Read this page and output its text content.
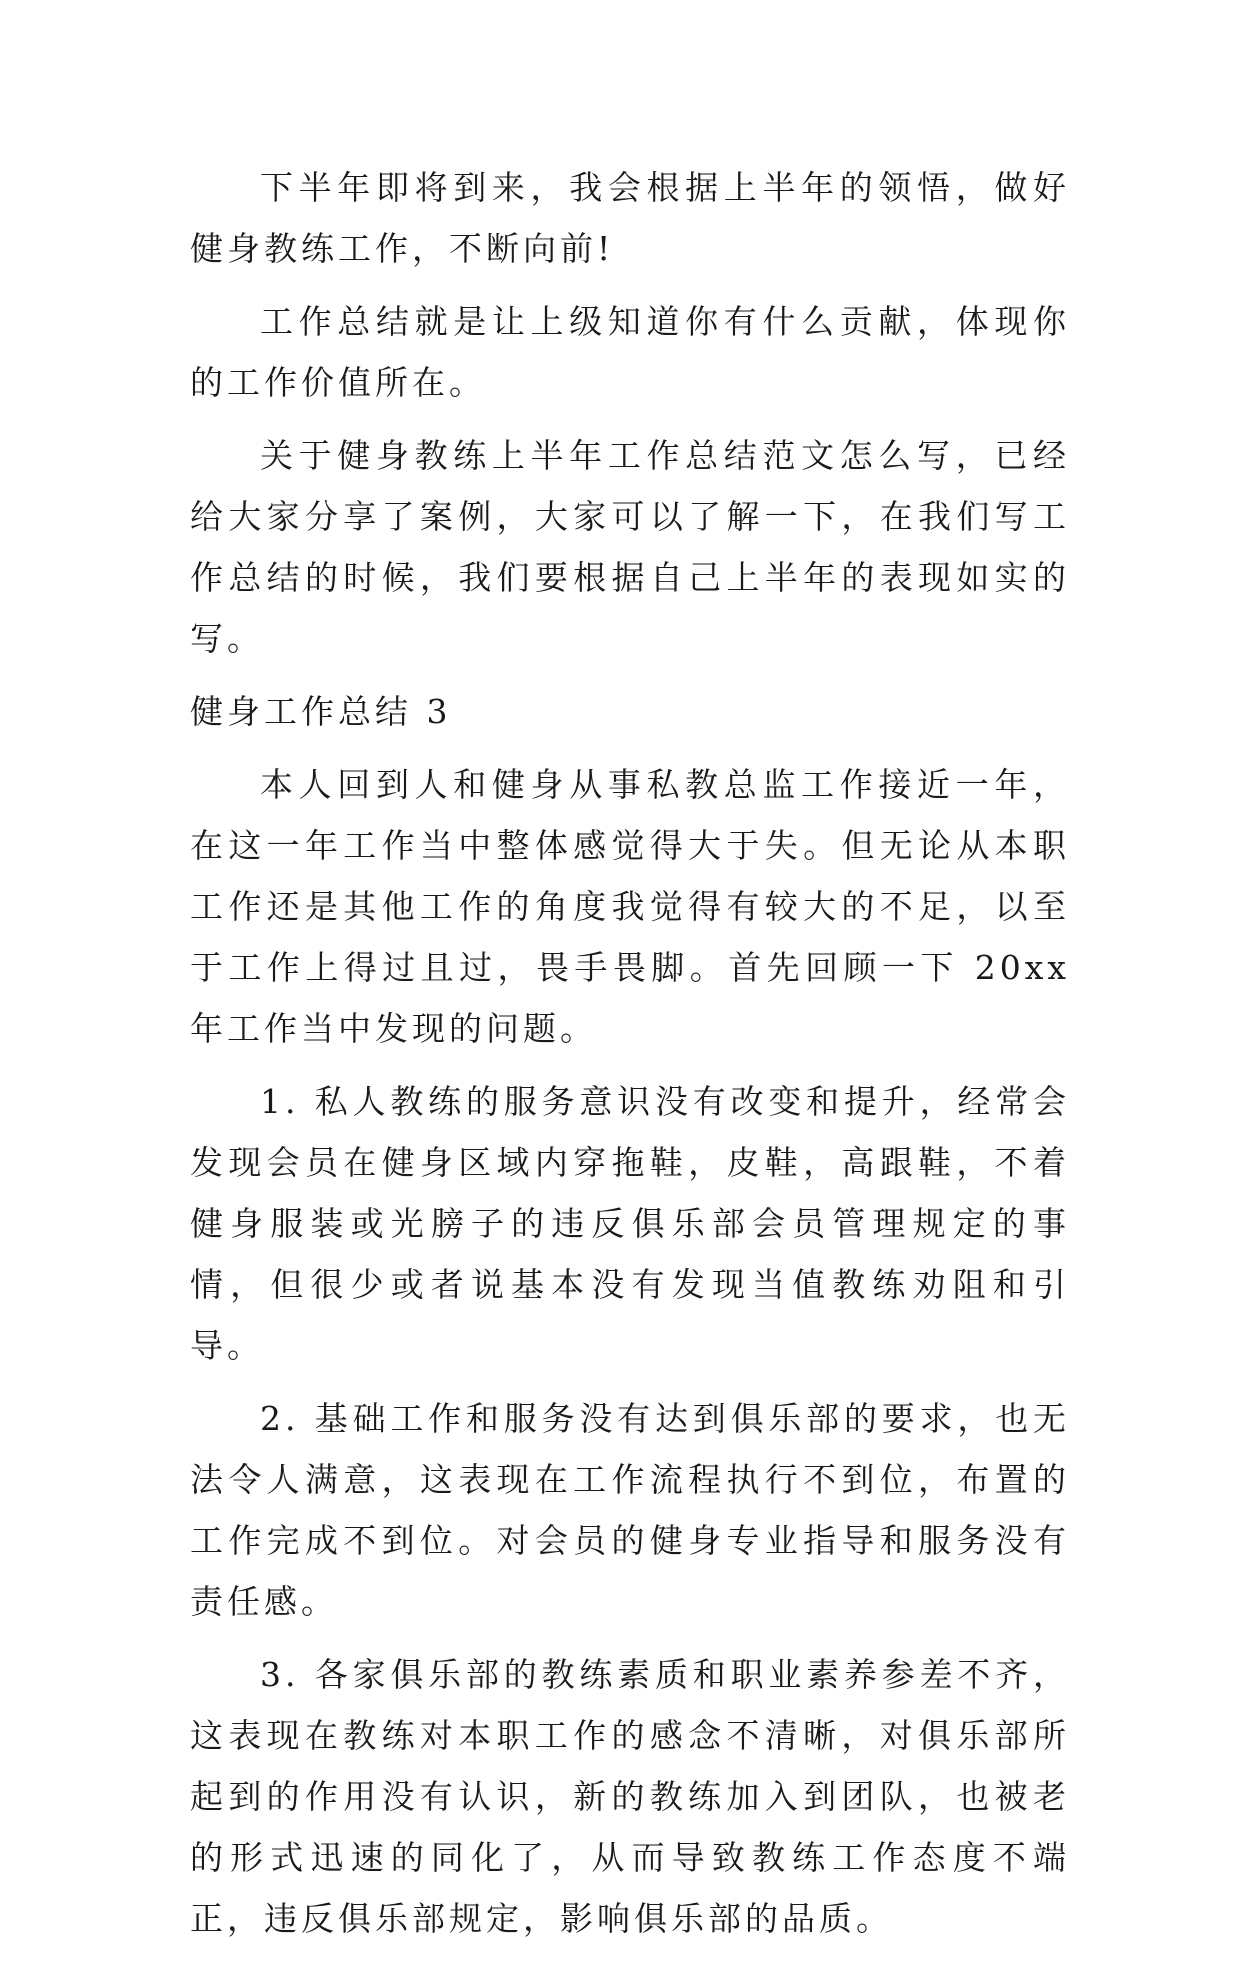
下半年即将到来，我会根据上半年的领悟，做好健身教练工作，不断向前!

工作总结就是让上级知道你有什么贡献，体现你的工作价值所在。

关于健身教练上半年工作总结范文怎么写，已经给大家分享了案例，大家可以了解一下，在我们写工作总结的时候，我们要根据自己上半年的表现如实的写。

健身工作总结 3

本人回到人和健身从事私教总监工作接近一年，在这一年工作当中整体感觉得大于失。但无论从本职工作还是其他工作的角度我觉得有较大的不足，以至于工作上得过且过，畏手畏脚。首先回顾一下 20xx 年工作当中发现的问题。

1. 私人教练的服务意识没有改变和提升，经常会发现会员在健身区域内穿拖鞋，皮鞋，高跟鞋，不着健身服装或光膀子的违反俱乐部会员管理规定的事情，但很少或者说基本没有发现当值教练劝阻和引导。

2. 基础工作和服务没有达到俱乐部的要求，也无法令人满意，这表现在工作流程执行不到位，布置的工作完成不到位。对会员的健身专业指导和服务没有责任感。

3. 各家俱乐部的教练素质和职业素养参差不齐，这表现在教练对本职工作的感念不清晰，对俱乐部所起到的作用没有认识，新的教练加入到团队，也被老的形式迅速的同化了，从而导致教练工作态度不端正，违反俱乐部规定，影响俱乐部的品质。
